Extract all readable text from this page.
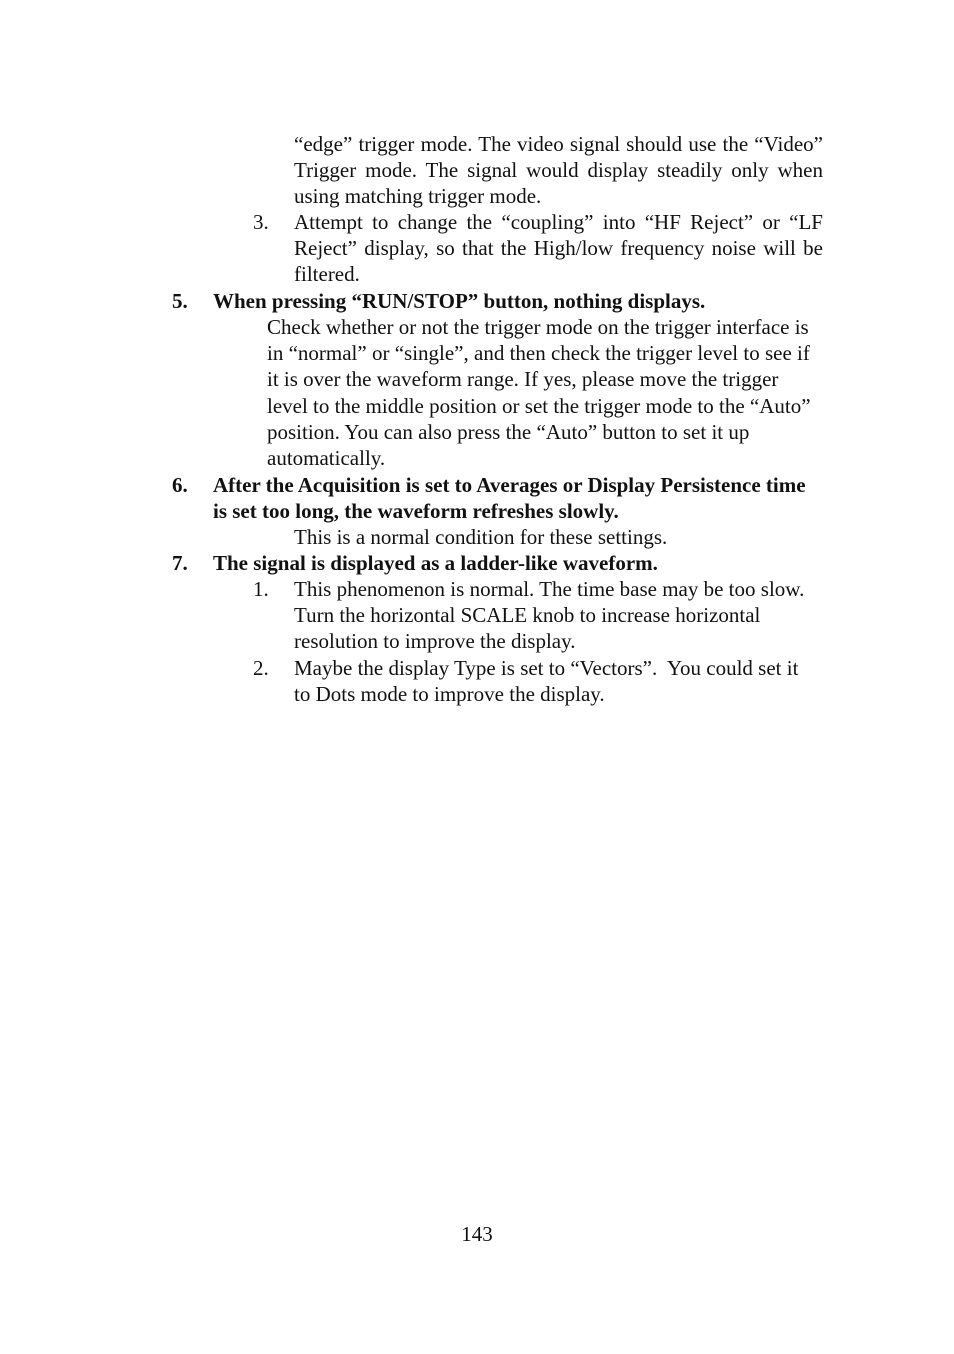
“edge” trigger mode. The video signal should use the “Video” Trigger mode. The signal would display steadily only when using matching trigger mode.
3. Attempt to change the “coupling” into “HF Reject” or “LF Reject” display, so that the High/low frequency noise will be filtered.
5. When pressing “RUN/STOP” button, nothing displays.
Check whether or not the trigger mode on the trigger interface is in “normal” or “single”, and then check the trigger level to see if it is over the waveform range. If yes, please move the trigger level to the middle position or set the trigger mode to the “Auto” position. You can also press the “Auto” button to set it up automatically.
6. After the Acquisition is set to Averages or Display Persistence time is set too long, the waveform refreshes slowly.
This is a normal condition for these settings.
7. The signal is displayed as a ladder-like waveform.
1. This phenomenon is normal. The time base may be too slow.    Turn the horizontal SCALE knob to increase horizontal resolution to improve the display.
2. Maybe the display Type is set to “Vectors”.  You could set it to Dots mode to improve the display.
143
